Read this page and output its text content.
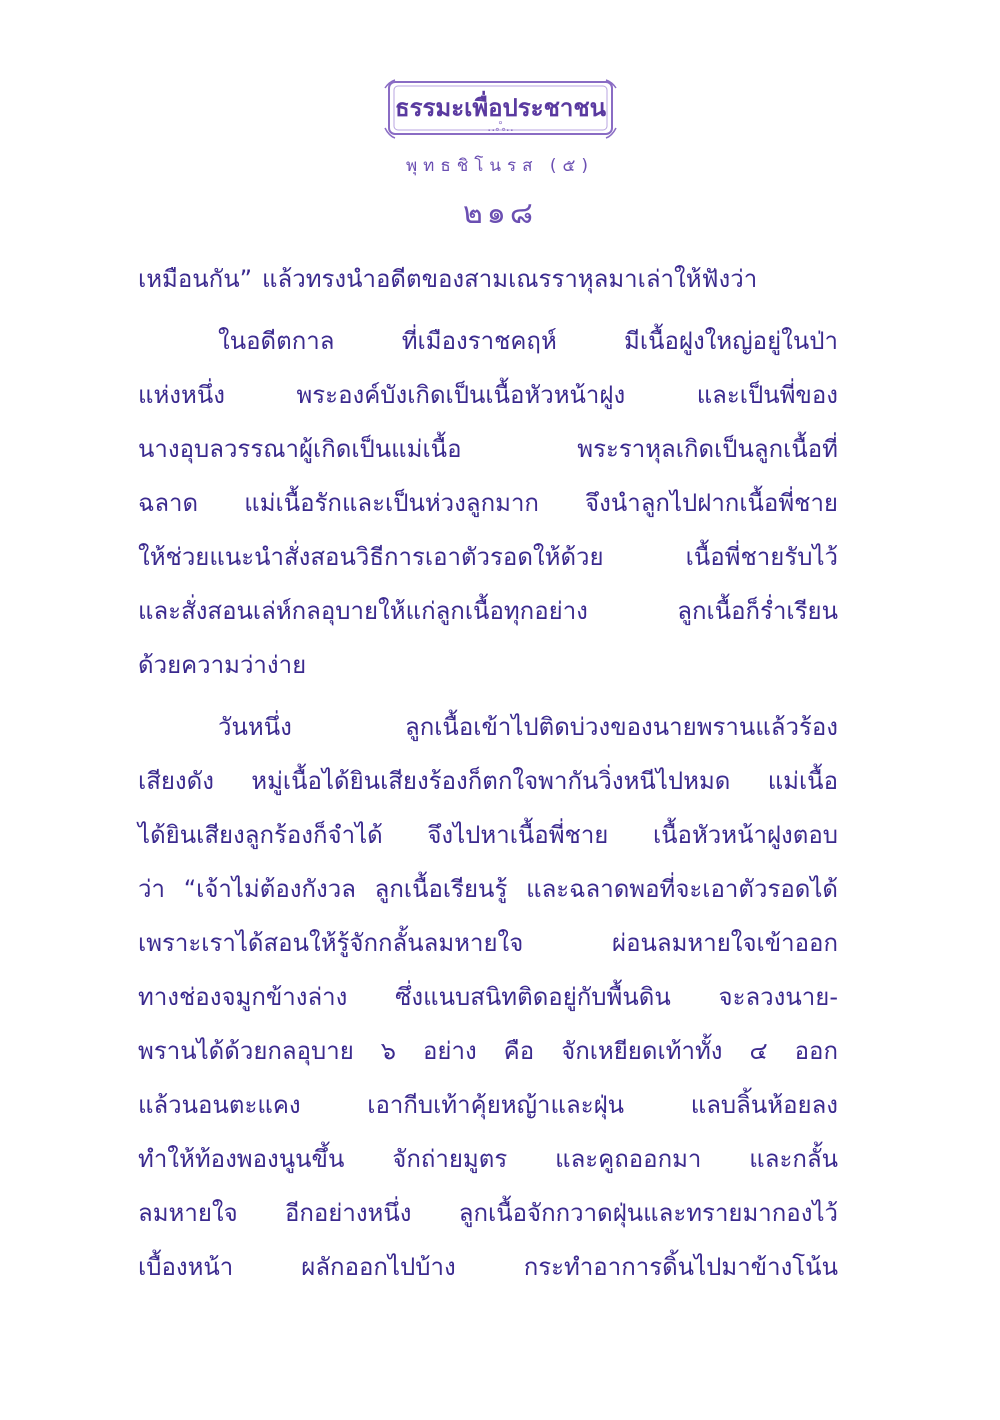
ธรรมะเพื่อประชาชน
..ஃ..
พุทธชิโนรส (๕)
๒๑๘
เหมือนกัน” แล้วทรงนำอดีตของสามเณรราหุลมาเล่าให้ฟังว่า
ในอดีตกาล	ที่เมืองราชคฤห์	มีเนื้อฝูงใหญ่อยู่ในป่า
แห่งหนึ่ง	พระองค์บังเกิดเป็นเนื้อหัวหน้าฝูง	และเป็นพี่ของ
นางอุบลวรรณาผู้เกิดเป็นแม่เนื้อ	พระราหุลเกิดเป็นลูกเนื้อที่
ฉลาด แม่เนื้อรักและเป็นห่วงลูกมาก จึงนำลูกไปฝากเนื้อพี่ชาย
ให้ช่วยแนะนำสั่งสอนวิธีการเอาตัวรอดให้ด้วย	เนื้อพี่ชายรับไว้
และสั่งสอนเล่ห์กลอุบายให้แก่ลูกเนื้อทุกอย่าง	ลูกเนื้อก็ร่ำเรียน
ด้วยความว่าง่าย
วันหนึ่ง	ลูกเนื้อเข้าไปติดบ่วงของนายพรานแล้วร้อง
เสียงดัง หมู่เนื้อได้ยินเสียงร้องก็ตกใจพากันวิ่งหนีไปหมด แม่เนื้อ
ได้ยินเสียงลูกร้องก็จำได้ จึงไปหาเนื้อพี่ชาย เนื้อหัวหน้าฝูงตอบ
ว่า “เจ้าไม่ต้องกังวล ลูกเนื้อเรียนรู้ และฉลาดพอที่จะเอาตัวรอดได้
เพราะเราได้สอนให้รู้จักกลั้นลมหายใจ	ผ่อนลมหายใจเข้าออก
ทางช่องจมูกข้างล่าง ซึ่งแนบสนิทติดอยู่กับพื้นดิน จะลวงนาย-
พรานได้ด้วยกลอุบาย ๖ อย่าง คือ จักเหยียดเท้าทั้ง ๔ ออก
แล้วนอนตะแคง	เอากีบเท้าคุ้ยหญ้าและฝุ่น	แลบลิ้นห้อยลง
ทำให้ท้องพองนูนขึ้น จักถ่ายมูตร และคูถออกมา และกลั้น
ลมหายใจ อีกอย่างหนึ่ง ลูกเนื้อจักกวาดฝุ่นและทรายมากองไว้
เบื้องหน้า	ผลักออกไปบ้าง	กระทำอาการดิ้นไปมาข้างโน้น
